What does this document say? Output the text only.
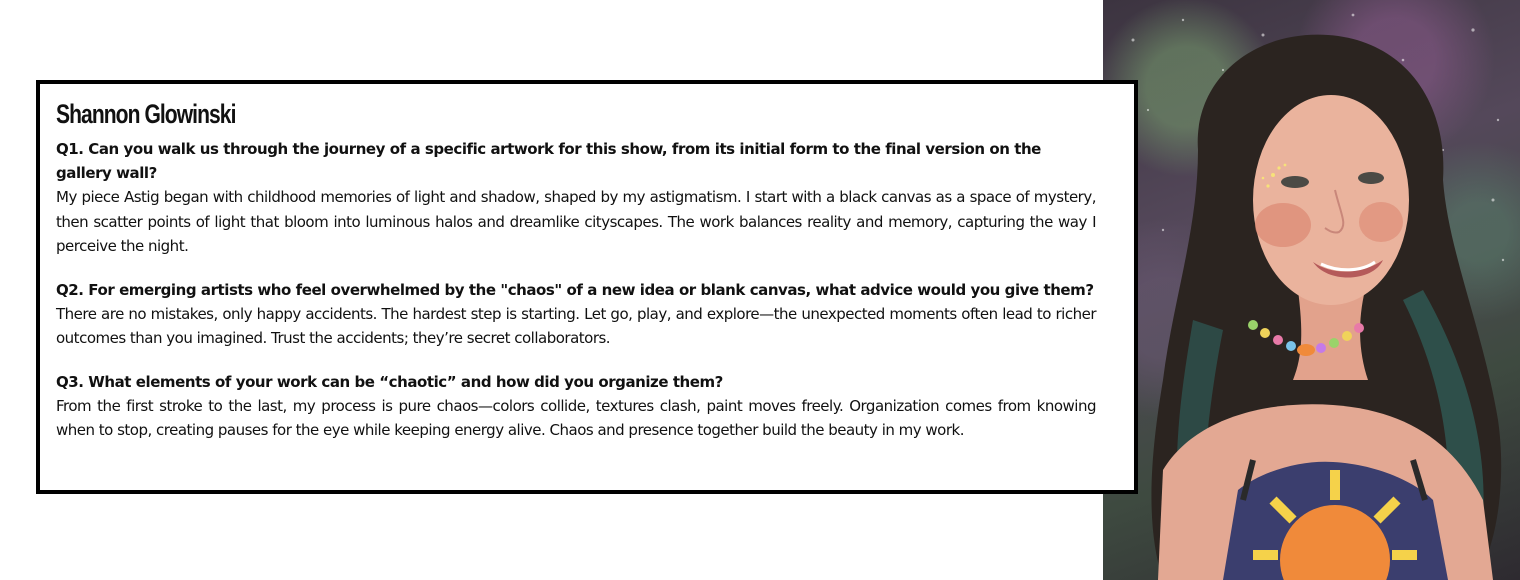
Shannon Glowinski

Q1. Can you walk us through the journey of a specific artwork for this show, from its initial form to the final version on the gallery wall?

My piece Astig began with childhood memories of light and shadow, shaped by my astigmatism. I start with a black canvas as a space of mystery, then scatter points of light that bloom into luminous halos and dreamlike cityscapes. The work balances reality and memory, capturing the way I perceive the night.

Q2. For emerging artists who feel overwhelmed by the "chaos" of a new idea or blank canvas, what advice would you give them?

There are no mistakes, only happy accidents. The hardest step is starting. Let go, play, and explore—the unexpected moments often lead to richer outcomes than you imagined. Trust the accidents; they’re secret collaborators.

Q3. What elements of your work can be “chaotic” and how did you organize them?

From the first stroke to the last, my process is pure chaos—colors collide, textures clash, paint moves freely. Organization comes from knowing when to stop, creating pauses for the eye while keeping energy alive. Chaos and presence together build the beauty in my work.
